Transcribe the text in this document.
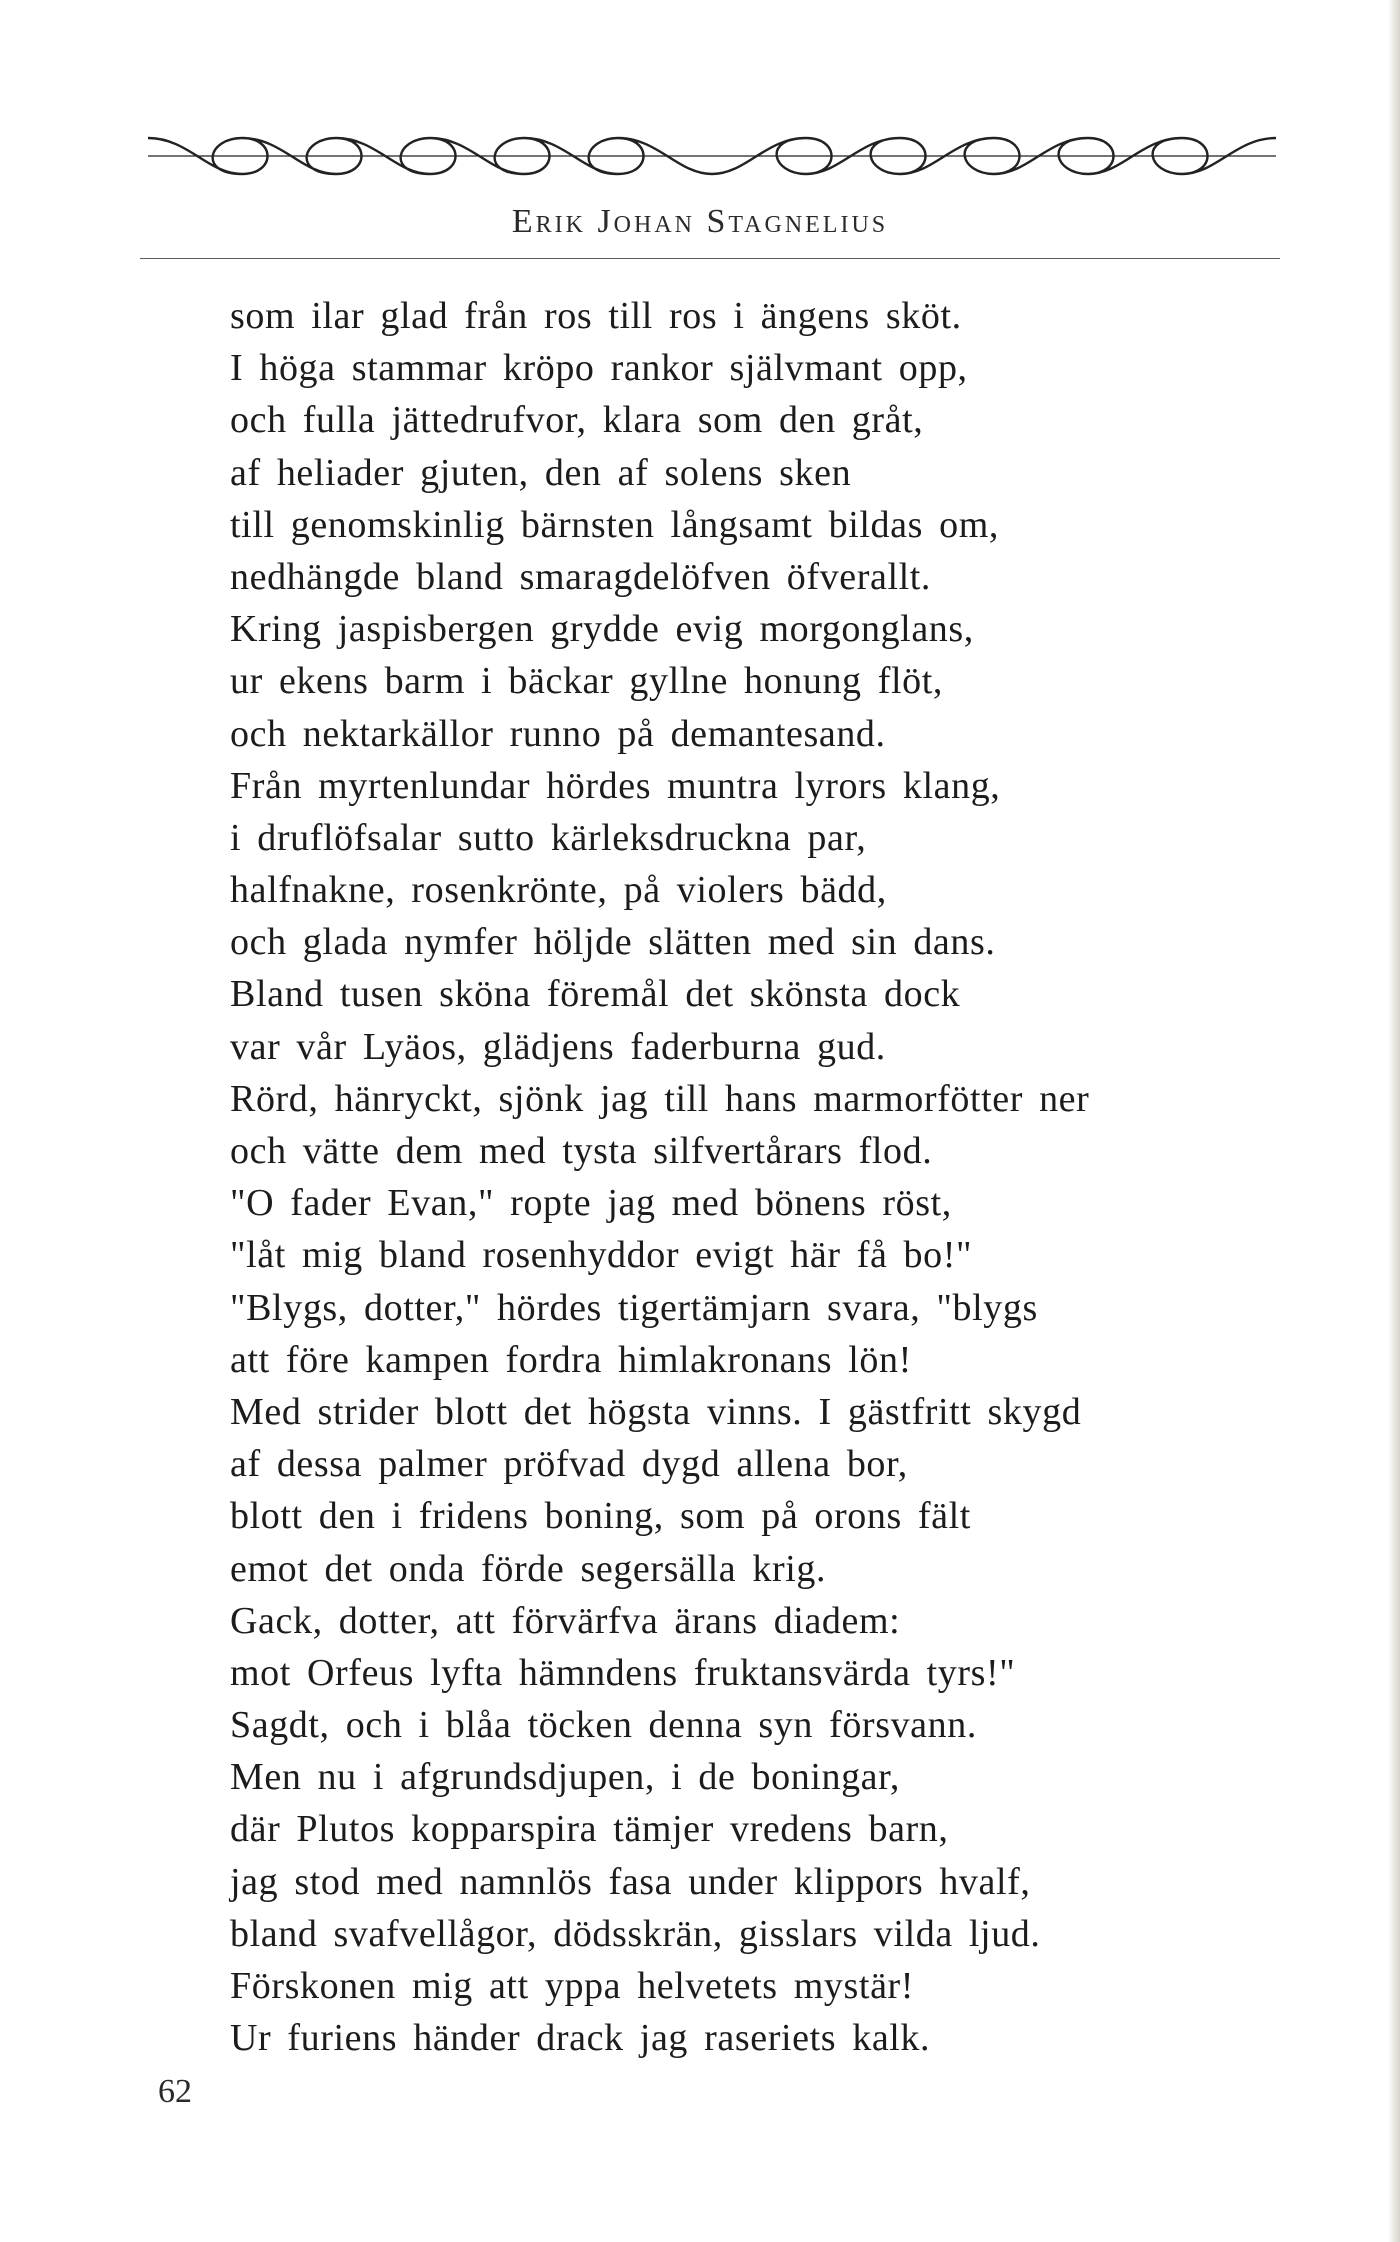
Erik Johan Stagnelius
som ilar glad från ros till ros i ängens sköt.
I höga stammar kröpo rankor självmant opp,
och fulla jättedrufvor, klara som den gråt,
af heliader gjuten, den af solens sken
till genomskinlig bärnsten långsamt bildas om,
nedhängde bland smaragdelöfven öfverallt.
Kring jaspisbergen grydde evig morgonglans,
ur ekens barm i bäckar gyllne honung flöt,
och nektarkällor runno på demantesand.
Från myrtenlundar hördes muntra lyrors klang,
i druflöfsalar sutto kärleksdruckna par,
halfnakne, rosenkrönte, på violers bädd,
och glada nymfer höljde slätten med sin dans.
Bland tusen sköna föremål det skönsta dock
var vår Lyäos, glädjens faderburna gud.
Rörd, hänryckt, sjönk jag till hans marmorfötter ner
och vätte dem med tysta silfvertårars flod.
"O fader Evan," ropte jag med bönens röst,
"låt mig bland rosenhyddor evigt här få bo!"
"Blygs, dotter," hördes tigertämjarn svara, "blygs
att före kampen fordra himlakronans lön!
Med strider blott det högsta vinns. I gästfritt skygd
af dessa palmer pröfvad dygd allena bor,
blott den i fridens boning, som på orons fält
emot det onda förde segersälla krig.
Gack, dotter, att förvärfva ärans diadem:
mot Orfeus lyfta hämndens fruktansvärda tyrs!"
Sagdt, och i blåa töcken denna syn försvann.
Men nu i afgrundsdjupen, i de boningar,
där Plutos kopparspira tämjer vredens barn,
jag stod med namnlös fasa under klippors hvalf,
bland svafvellågor, dödsskrän, gisslars vilda ljud.
Förskonen mig att yppa helvetets mystär!
Ur furiens händer drack jag raseriets kalk.
62
